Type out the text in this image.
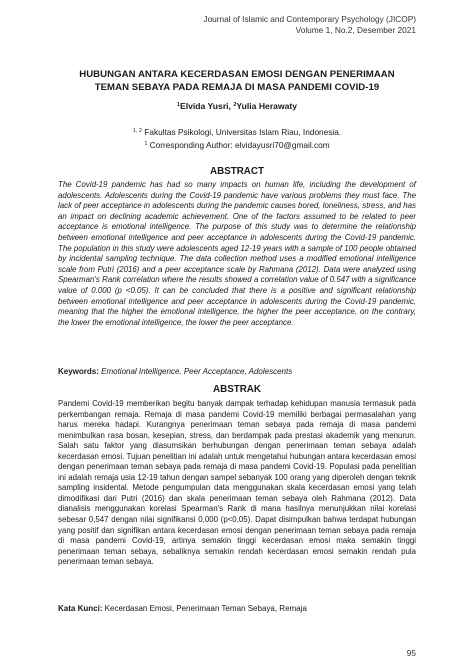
Journal of Islamic and Contemporary Psychology (JICOP)
Volume 1, No.2, Desember 2021
HUBUNGAN ANTARA KECERDASAN EMOSI DENGAN PENERIMAAN
TEMAN SEBAYA PADA REMAJA DI MASA PANDEMI COVID-19
$^1$Elvida Yusri, $^2$Yulia Herawaty
$^{1, 2}$ Fakultas Psikologi, Universitas Islam Riau, Indonesia.
$^1$ Corresponding Author: elvidayusri70@gmail.com
ABSTRACT
The Covid-19 pandemic has had so many impacts on human life, including the development of adolescents. Adolescents during the Covid-19 pandemic have various problems they must face. The lack of peer acceptance in adolescents during the pandemic causes bored, loneliness, stress, and has an impact on declining academic achievement. One of the factors assumed to be related to peer acceptance is emotional intelligence. The purpose of this study was to determine the relationship between emotional intelligence and peer acceptance in adolescents during the Covid-19 pandemic. The population in this study were adolescents aged 12-19 years with a sample of 100 people obtained by incidental sampling technique. The data collection method uses a modified emotional intelligence scale from Putri (2016) and a peer acceptance scale by Rahmana (2012). Data were analyzed using Spearman's Rank correlation where the results showed a correlation value of 0.547 with a significance value of 0.000 (p <0.05). It can be concluded that there is a positive and significant relationship between emotional intelligence and peer acceptance in adolescents during the Covid-19 pandemic, meaning that the higher the emotional intelligence, the higher the peer acceptance, on the contrary, the lower the emotional intelligence, the lower the peer acceptance.
Keywords: Emotional Intelligence, Peer Acceptance, Adolescents
ABSTRAK
Pandemi Covid-19 memberikan begitu banyak dampak terhadap kehidupan manusia termasuk pada perkembangan remaja. Remaja di masa pandemi Covid-19 memiliki berbagai permasalahan yang harus mereka hadapi. Kurangnya penerimaan teman sebaya pada remaja di masa pandemi menimbulkan rasa bosan, kesepian, stress, dan berdampak pada prestasi akademik yang menurun. Salah satu faktor yang diasumsikan berhubungan dengan penerimaan teman sebaya adalah kecerdasan emosi. Tujuan penelitian ini adalah untuk mengetahui hubungan antara kecerdasan emosi dengan penerimaan teman sebaya pada remaja di masa pandemi Covid-19. Populasi pada penelitian ini adalah remaja usia 12-19 tahun dengan sampel sebanyak 100 orang yang diperoleh dengan teknik sampling insidental. Metode pengumpulan data menggunakan skala kecerdasan emosi yang telah dimodifikasi dari Putri (2016) dan skala penerimaan teman sebaya oleh Rahmana (2012). Data dianalisis menggunakan korelasi Spearman's Rank di mana hasilnya menunjukkan nilai korelasi sebesar 0,547 dengan nilai signifikansi 0,000 (p<0,05). Dapat disimpulkan bahwa terdapat hubungan yang positif dan signifikan antara kecerdasan emosi dengan penerimaan teman sebaya pada remaja di masa pandemi Covid-19, artinya semakin tinggi kecerdasan emosi maka semakin tinggi penerimaan teman sebaya, sebaliknya semakin rendah kecerdasan emosi semakin rendah pula penerimaan teman sebaya.
Kata Kunci: Kecerdasan Emosi, Penerimaan Teman Sebaya, Remaja
95
